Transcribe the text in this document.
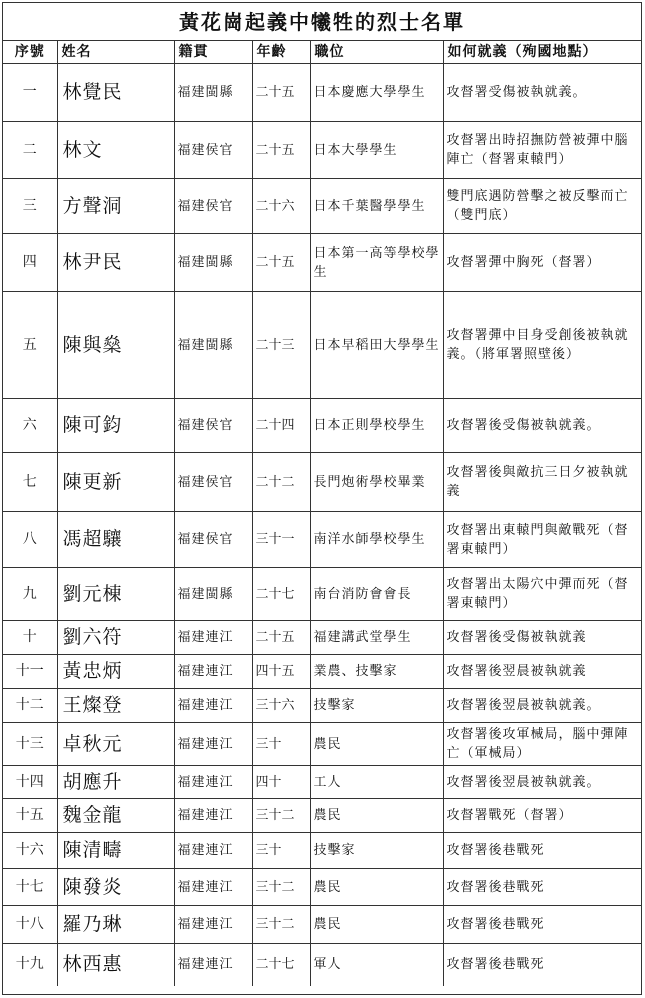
黃花崗起義中犧牲的烈士名單
序號	姓名	籍貫	年齡	職位	如何就義（殉國地點）
一	林覺民	福建閩縣	二十五	日本慶應大學學生	攻督署受傷被執就義。
二	林文	福建侯官	二十五	日本大學學生	攻督署出時招撫防營被彈中腦陣亡（督署東轅門）
三	方聲洞	福建侯官	二十六	日本千葉醫學學生	雙門底遇防營擊之被反擊而亡（雙門底）
四	林尹民	福建閩縣	二十五	日本第一高等學校學生	攻督署彈中胸死（督署）
五	陳與燊	福建閩縣	二十三	日本早稻田大學學生	攻督署彈中目身受創後被執就義。（將軍署照壁後）
六	陳可鈞	福建侯官	二十四	日本正則學校學生	攻督署後受傷被執就義。
七	陳更新	福建侯官	二十二	長門炮術學校畢業	攻督署後與敵抗三日夕被執就義
八	馮超驤	福建侯官	三十一	南洋水師學校學生	攻督署出東轅門與敵戰死（督署東轅門）
九	劉元棟	福建閩縣	二十七	南台消防會會長	攻督署出太陽穴中彈而死（督署東轅門）
十	劉六符	福建連江	二十五	福建講武堂學生	攻督署後受傷被執就義
十一	黃忠炳	福建連江	四十五	業農、技擊家	攻督署後翌晨被執就義
十二	王燦登	福建連江	三十六	技擊家	攻督署後翌晨被執就義。
十三	卓秋元	福建連江	三十	農民	攻督署後攻軍械局，腦中彈陣亡（軍械局）
十四	胡應升	福建連江	四十	工人	攻督署後翌晨被執就義。
十五	魏金龍	福建連江	三十二	農民	攻督署戰死（督署）
十六	陳清疇	福建連江	三十	技擊家	攻督署後巷戰死
十七	陳發炎	福建連江	三十二	農民	攻督署後巷戰死
十八	羅乃琳	福建連江	三十二	農民	攻督署後巷戰死
十九	林西惠	福建連江	二十七	軍人	攻督署後巷戰死
